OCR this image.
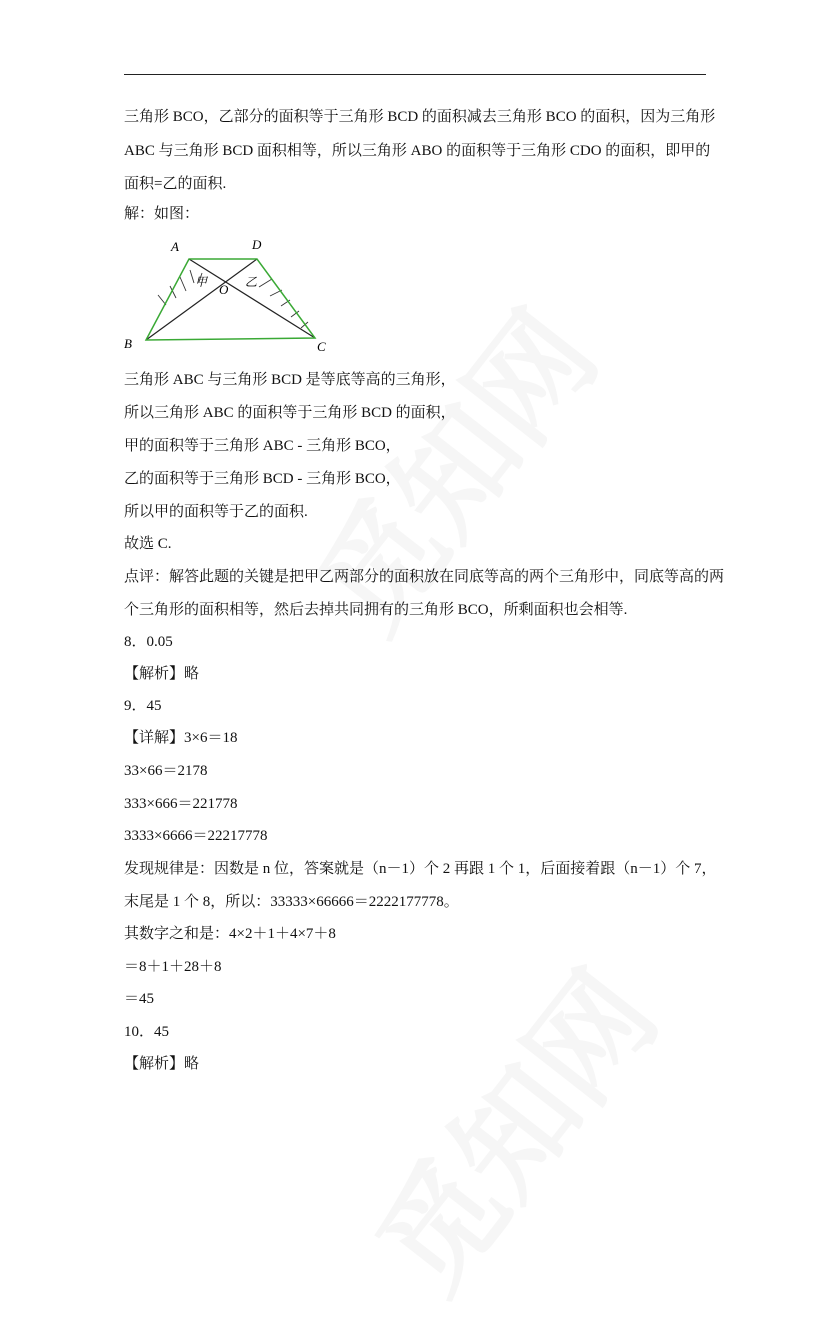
三角形 BCO，乙部分的面积等于三角形 BCD 的面积减去三角形 BCO 的面积，因为三角形
ABC 与三角形 BCD 面积相等，所以三角形 ABO 的面积等于三角形 CDO 的面积，即甲的
面积=乙的面积.
解：如图：
A	D
B	C
O
甲	乙
三角形 ABC 与三角形 BCD 是等底等高的三角形，
所以三角形 ABC 的面积等于三角形 BCD 的面积，
甲的面积等于三角形 ABC - 三角形 BCO，
乙的面积等于三角形 BCD - 三角形 BCO，
所以甲的面积等于乙的面积.
故选 C.
点评：解答此题的关键是把甲乙两部分的面积放在同底等高的两个三角形中，同底等高的两
个三角形的面积相等，然后去掉共同拥有的三角形 BCO，所剩面积也会相等.
8．0.05
【解析】略
9．45
【详解】3×6＝18
33×66＝2178
333×666＝221778
3333×6666＝22217778
发现规律是：因数是 n 位，答案就是（n－1）个 2 再跟 1 个 1，后面接着跟（n－1）个 7，
末尾是 1 个 8，所以：33333×66666＝2222177778。
其数字之和是：4×2＋1＋4×7＋8
＝8＋1＋28＋8
＝45
10．45
【解析】略
